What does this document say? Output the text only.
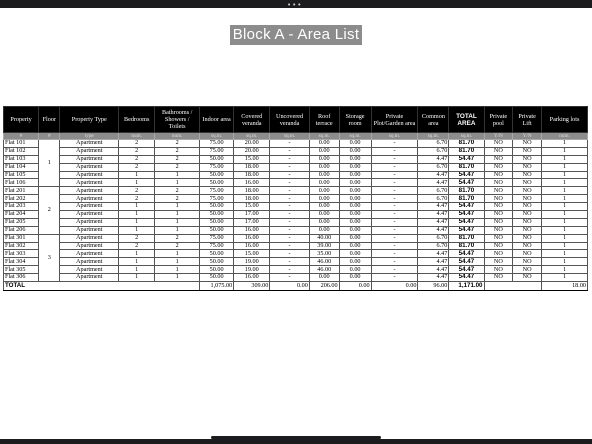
•••
Block A - Area List
Property	Floor	Property Type	Bedrooms	Bathrooms / Showers / Toilets	Indoor area	Covered veranda	Uncovered veranda	Roof terrace	Storage room	Private Plot/Garden area	Common area	TOTAL AREA	Private pool	Private Lift	Parking lots
#	#	type	num.	num.	sq.m.	sq.m.	sq.m.	sq.m.	sq.m.	sq.m.	sq.m.	sq.m.	Y/N	Y/N	num.
Flat 101	1	Apartment	2	2	75.00	20.00	-	0.00	0.00	-	6.70	81.70	NO	NO	1
Flat 102		Apartment	2	2	75.00	20.00	-	0.00	0.00	-	6.70	81.70	NO	NO	1
Flat 103		Apartment	2	2	50.00	15.00	-	0.00	0.00	-	4.47	54.47	NO	NO	1
Flat 104		Apartment	2	2	75.00	18.00	-	0.00	0.00	-	6.70	81.70	NO	NO	1
Flat 105		Apartment	1	1	50.00	18.00	-	0.00	0.00	-	4.47	54.47	NO	NO	1
Flat 106		Apartment	1	1	50.00	16.00	-	0.00	0.00	-	4.47	54.47	NO	NO	1
Flat 201	2	Apartment	2	2	75.00	18.00	-	0.00	0.00	-	6.70	81.70	NO	NO	1
Flat 202		Apartment	2	2	75.00	18.00	-	0.00	0.00	-	6.70	81.70	NO	NO	1
Flat 203		Apartment	1	1	50.00	15.00	-	0.00	0.00	-	4.47	54.47	NO	NO	1
Flat 204		Apartment	1	1	50.00	17.00	-	0.00	0.00	-	4.47	54.47	NO	NO	1
Flat 205		Apartment	1	1	50.00	17.00	-	0.00	0.00	-	4.47	54.47	NO	NO	1
Flat 206		Apartment	1	1	50.00	16.00	-	0.00	0.00	-	4.47	54.47	NO	NO	1
Flat 301	3	Apartment	2	2	75.00	16.00	-	40.00	0.00	-	6.70	81.70	NO	NO	1
Flat 302		Apartment	2	2	75.00	16.00	-	39.00	0.00	-	6.70	81.70	NO	NO	1
Flat 303		Apartment	1	1	50.00	15.00	-	35.00	0.00	-	4.47	54.47	NO	NO	1
Flat 304		Apartment	1	1	50.00	19.00	-	46.00	0.00	-	4.47	54.47	NO	NO	1
Flat 305		Apartment	1	1	50.00	19.00	-	46.00	0.00	-	4.47	54.47	NO	NO	1
Flat 306		Apartment	1	1	50.00	16.00	-	0.00	0.00	-	4.47	54.47	NO	NO	1
TOTAL					1,075.00	309.00	0.00	206.00	0.00	0.00	96.00	1,171.00			18.00
